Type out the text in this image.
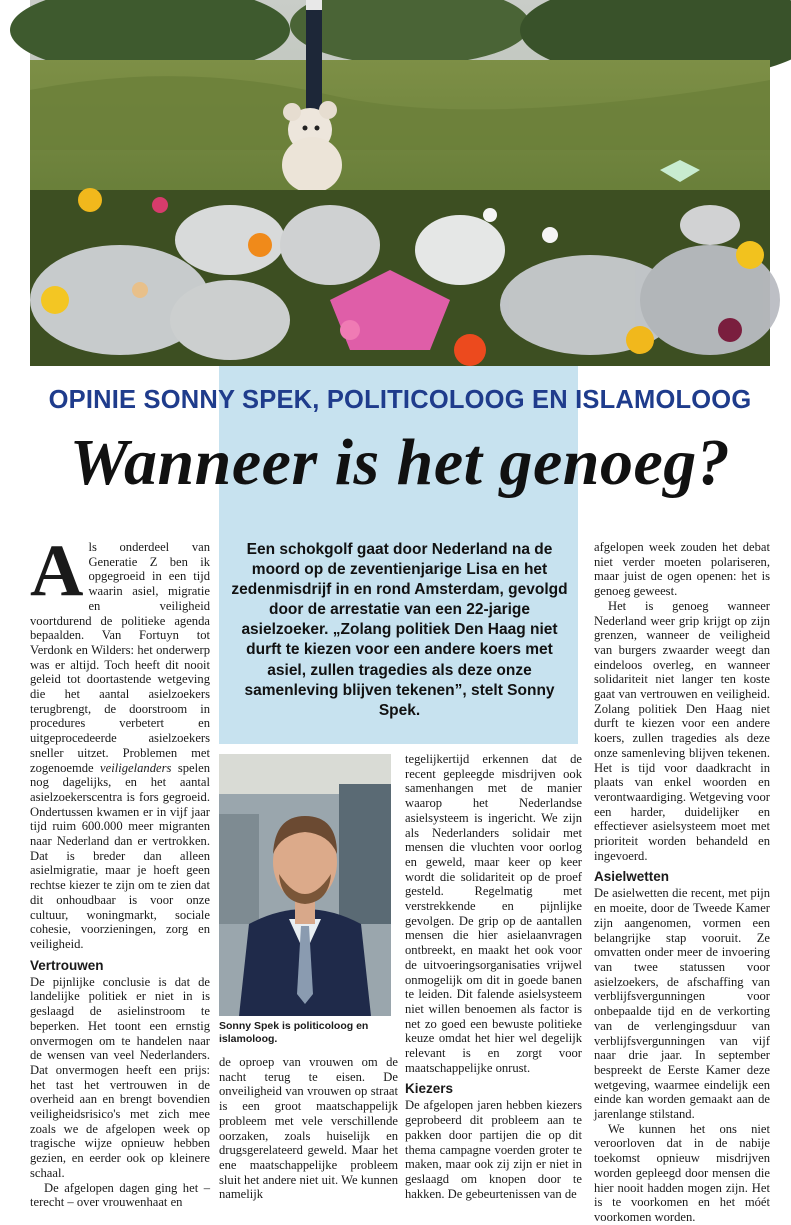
OPINIE SONNY SPEK, POLITICOLOOG EN ISLAMOLOOG
Wanneer is het genoeg?

Als onderdeel van Generatie Z ben ik opgegroeid in een tijd waarin asiel, migratie en veiligheid voortdurend de politieke agenda bepaalden. Van Fortuyn tot Verdonk en Wilders: het onderwerp was er altijd. Toch heeft dit nooit geleid tot doortastende wetgeving die het aantal asielzoekers terugbrengt, de doorstroom in procedures verbetert en uitgeprocedeerde asielzoekers sneller uitzet. Problemen met zogenoemde veiligelanders spelen nog dagelijks, en het aantal asielzoekerscentra is fors gegroeid. Ondertussen kwamen er in vijf jaar tijd ruim 600.000 meer migranten naar Nederland dan er vertrokken. Dat is breder dan alleen asielmigratie, maar je hoeft geen rechtse kiezer te zijn om te zien dat dit onhoudbaar is voor onze cultuur, woningmarkt, sociale cohesie, voorzieningen, zorg en veiligheid.

Vertrouwen

De pijnlijke conclusie is dat de landelijke politiek er niet in is geslaagd de asielinstroom te beperken. Het toont een ernstig onvermogen om te handelen naar de wensen van veel Nederlanders. Dat onvermogen heeft een prijs: het tast het vertrouwen in de overheid aan en brengt bovendien veiligheidsrisico's met zich mee zoals we de afgelopen week op tragische wijze opnieuw hebben gezien, en eerder ook op kleinere schaal.

De afgelopen dagen ging het – terecht – over vrouwenhaat en

Een schokgolf gaat door Nederland na de moord op de zeventienjarige Lisa en het zedenmisdrijf in en rond Amsterdam, gevolgd door de arrestatie van een 22-jarige asielzoeker. „Zolang politiek Den Haag niet durft te kiezen voor een andere koers met asiel, zullen tragedies als deze onze samenleving blijven tekenen”, stelt Sonny Spek.
Sonny Spek is politicoloog en islamoloog.

de oproep van vrouwen om de nacht terug te eisen. De onveiligheid van vrouwen op straat is een groot maatschappelijk probleem met vele verschillende oorzaken, zoals huiselijk en drugsgerelateerd geweld. Maar het ene maatschappelijke probleem sluit het andere niet uit. We kunnen namelijk

tegelijkertijd erkennen dat de recent gepleegde misdrijven ook samenhangen met de manier waarop het Nederlandse asielsysteem is ingericht. We zijn als Nederlanders solidair met mensen die vluchten voor oorlog en geweld, maar keer op keer wordt die solidariteit op de proef gesteld. Regelmatig met verstrekkende en pijnlijke gevolgen. De grip op de aantallen mensen die hier asielaanvragen ontbreekt, en maakt het ook voor de uitvoeringsorganisaties vrijwel onmogelijk om dit in goede banen te leiden. Dit falende asielsysteem niet willen benoemen als factor is net zo goed een bewuste politieke keuze omdat het hier wel degelijk relevant is en zorgt voor maatschappelijke onrust.

Kiezers

De afgelopen jaren hebben kiezers geprobeerd dit probleem aan te pakken door partijen die op dit thema campagne voerden groter te maken, maar ook zij zijn er niet in geslaagd om knopen door te hakken. De gebeurtenissen van de

afgelopen week zouden het debat niet verder moeten polariseren, maar juist de ogen openen: het is genoeg geweest.

Het is genoeg wanneer Nederland weer grip krijgt op zijn grenzen, wanneer de veiligheid van burgers zwaarder weegt dan eindeloos overleg, en wanneer solidariteit niet langer ten koste gaat van vertrouwen en veiligheid. Zolang politiek Den Haag niet durft te kiezen voor een andere koers, zullen tragedies als deze onze samenleving blijven tekenen. Het is tijd voor daadkracht in plaats van enkel woorden en verontwaardiging. Wetgeving voor een harder, duidelijker en effectiever asielsysteem moet met prioriteit worden behandeld en ingevoerd.

Asielwetten

De asielwetten die recent, met pijn en moeite, door de Tweede Kamer zijn aangenomen, vormen een belangrijke stap vooruit. Ze omvatten onder meer de invoering van twee statussen voor asielzoekers, de afschaffing van verblijfsvergunningen voor onbepaalde tijd en de verkorting van de verlengingsduur van verblijfsvergunningen van vijf naar drie jaar. In september bespreekt de Eerste Kamer deze wetgeving, waarmee eindelijk een einde kan worden gemaakt aan de jarenlange stilstand.

We kunnen het ons niet veroorloven dat in de nabije toekomst opnieuw misdrijven worden gepleegd door mensen die hier nooit hadden mogen zijn. Het is te voorkomen en het móét voorkomen worden.
